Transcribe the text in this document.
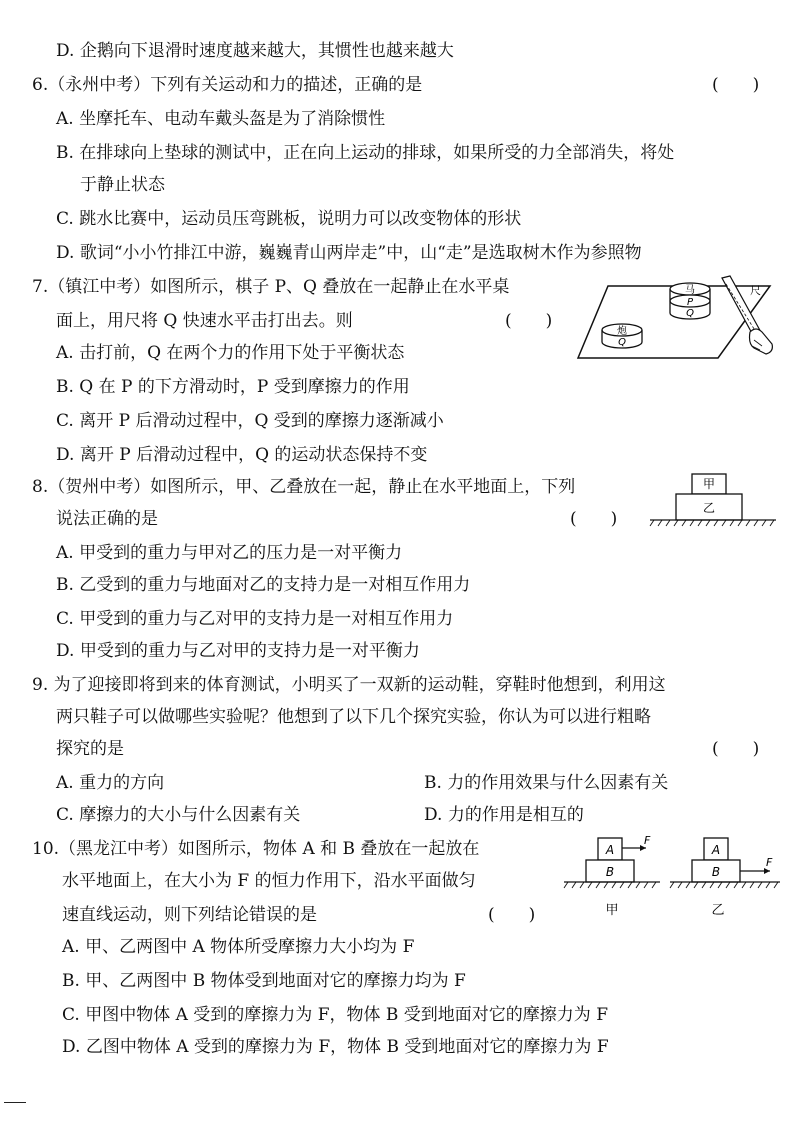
D. 企鹅向下退滑时速度越来越大，其惯性也越来越大
6.（永州中考）下列有关运动和力的描述，正确的是	(　　)
A. 坐摩托车、电动车戴头盔是为了消除惯性
B. 在排球向上垫球的测试中，正在向上运动的排球，如果所受的力全部消失，将处
于静止状态
C. 跳水比赛中，运动员压弯跳板，说明力可以改变物体的形状
D. 歌词“小小竹排江中游，巍巍青山两岸走”中，山“走”是选取树木作为参照物
7.（镇江中考）如图所示，棋子 P、Q 叠放在一起静止在水平桌
面上，用尺将 Q 快速水平击打出去。则	(　　)
A. 击打前，Q 在两个力的作用下处于平衡状态
B. Q 在 P 的下方滑动时，P 受到摩擦力的作用
C. 离开 P 后滑动过程中，Q 受到的摩擦力逐渐减小
D. 离开 P 后滑动过程中，Q 的运动状态保持不变
马
P
Q
尺
炮
Q
8.（贺州中考）如图所示，甲、乙叠放在一起，静止在水平地面上，下列
说法正确的是	(　　)
A. 甲受到的重力与甲对乙的压力是一对平衡力
B. 乙受到的重力与地面对乙的支持力是一对相互作用力
C. 甲受到的重力与乙对甲的支持力是一对相互作用力
D. 甲受到的重力与乙对甲的支持力是一对平衡力
甲
乙
9. 为了迎接即将到来的体育测试，小明买了一双新的运动鞋，穿鞋时他想到，利用这
两只鞋子可以做哪些实验呢？他想到了以下几个探究实验，你认为可以进行粗略
探究的是	(　　)
A. 重力的方向	B. 力的作用效果与什么因素有关
C. 摩擦力的大小与什么因素有关	D. 力的作用是相互的
10.（黑龙江中考）如图所示，物体 A 和 B 叠放在一起放在
水平地面上，在大小为 F 的恒力作用下，沿水平面做匀
速直线运动，则下列结论错误的是	(　　)
A. 甲、乙两图中 A 物体所受摩擦力大小均为 F
B. 甲、乙两图中 B 物体受到地面对它的摩擦力均为 F
C. 甲图中物体 A 受到的摩擦力为 F，物体 B 受到地面对它的摩擦力为 F
D. 乙图中物体 A 受到的摩擦力为 F，物体 B 受到地面对它的摩擦力为 F
A
B
F
甲
A
B
F
乙
